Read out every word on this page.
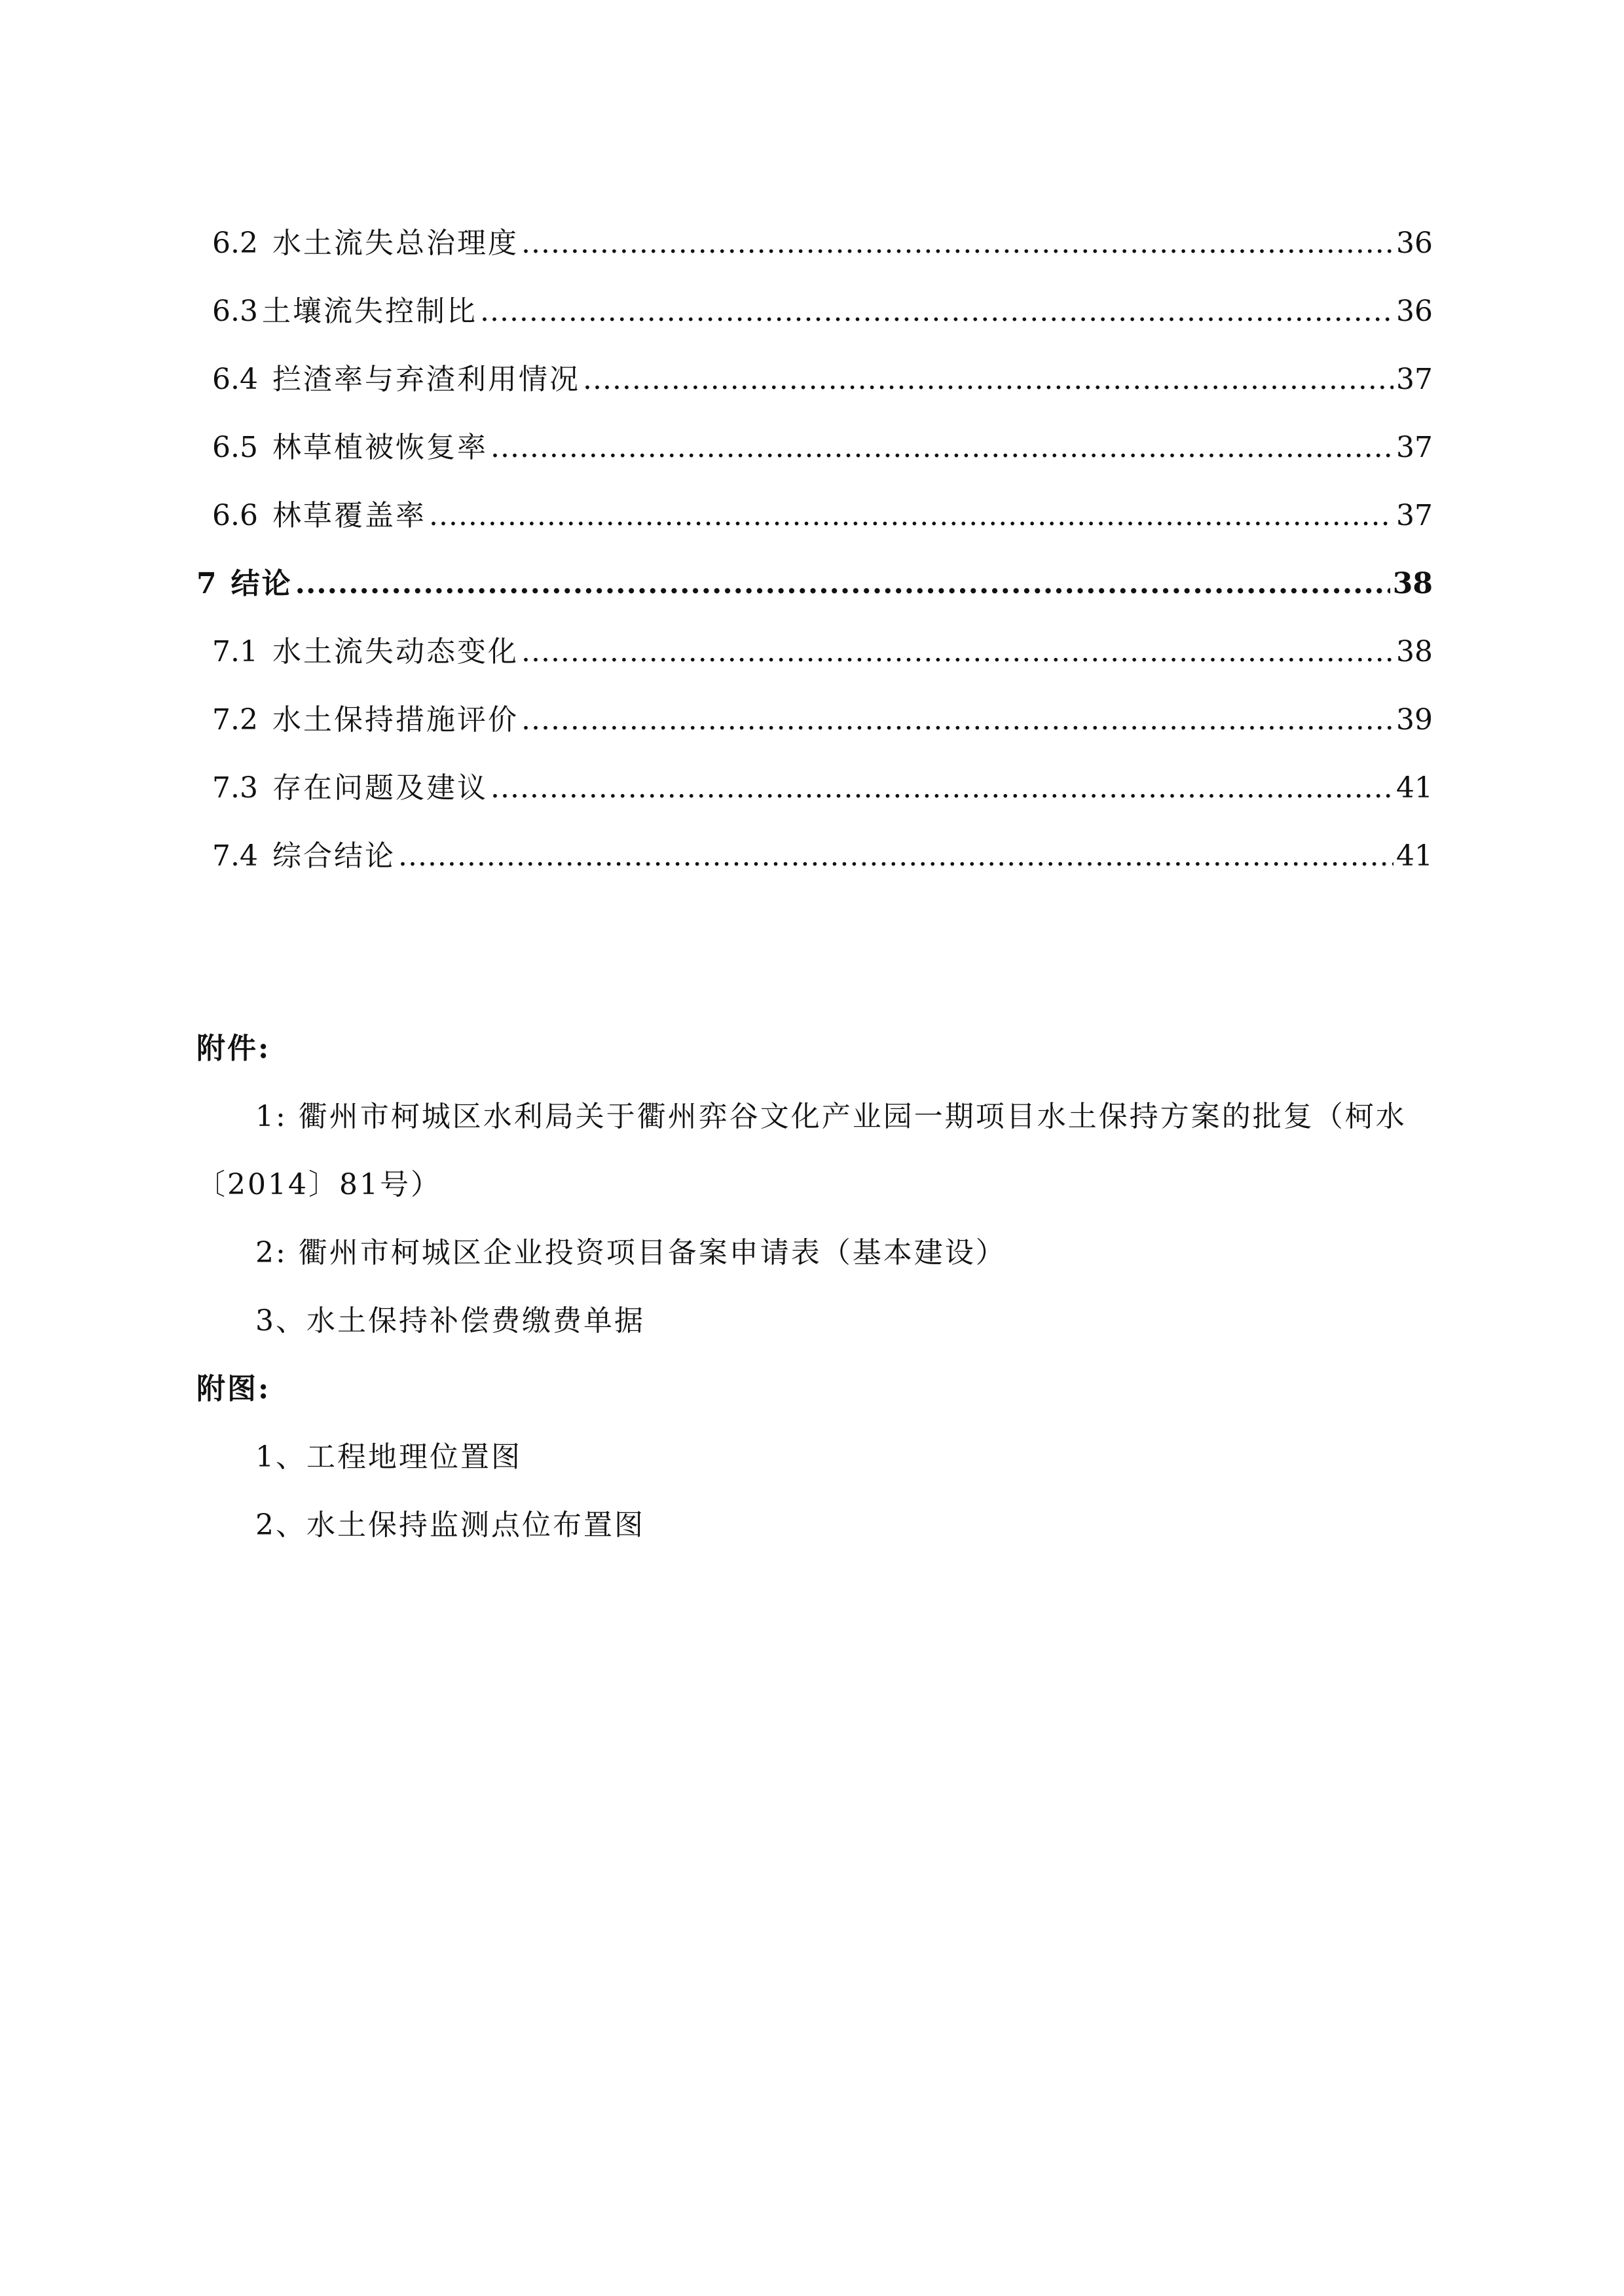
6.2 水土流失总治理度 .....	36
6.3 土壤流失控制比 .....	36
6.4 拦渣率与弃渣利用情况 .....	37
6.5 林草植被恢复率 .....	37
6.6 林草覆盖率 .....	37
7 结论 .....	38
7.1 水土流失动态变化 .....	38
7.2 水土保持措施评价 .....	39
7.3 存在问题及建议 .....	41
7.4 综合结论 .....	41
附件:
1: 衢州市柯城区水利局关于衢州弈谷文化产业园一期项目水土保持方案的批复（柯水〔2014〕81号）
2: 衢州市柯城区企业投资项目备案申请表（基本建设）
3、水土保持补偿费缴费单据
附图:
1、工程地理位置图
2、水土保持监测点位布置图
